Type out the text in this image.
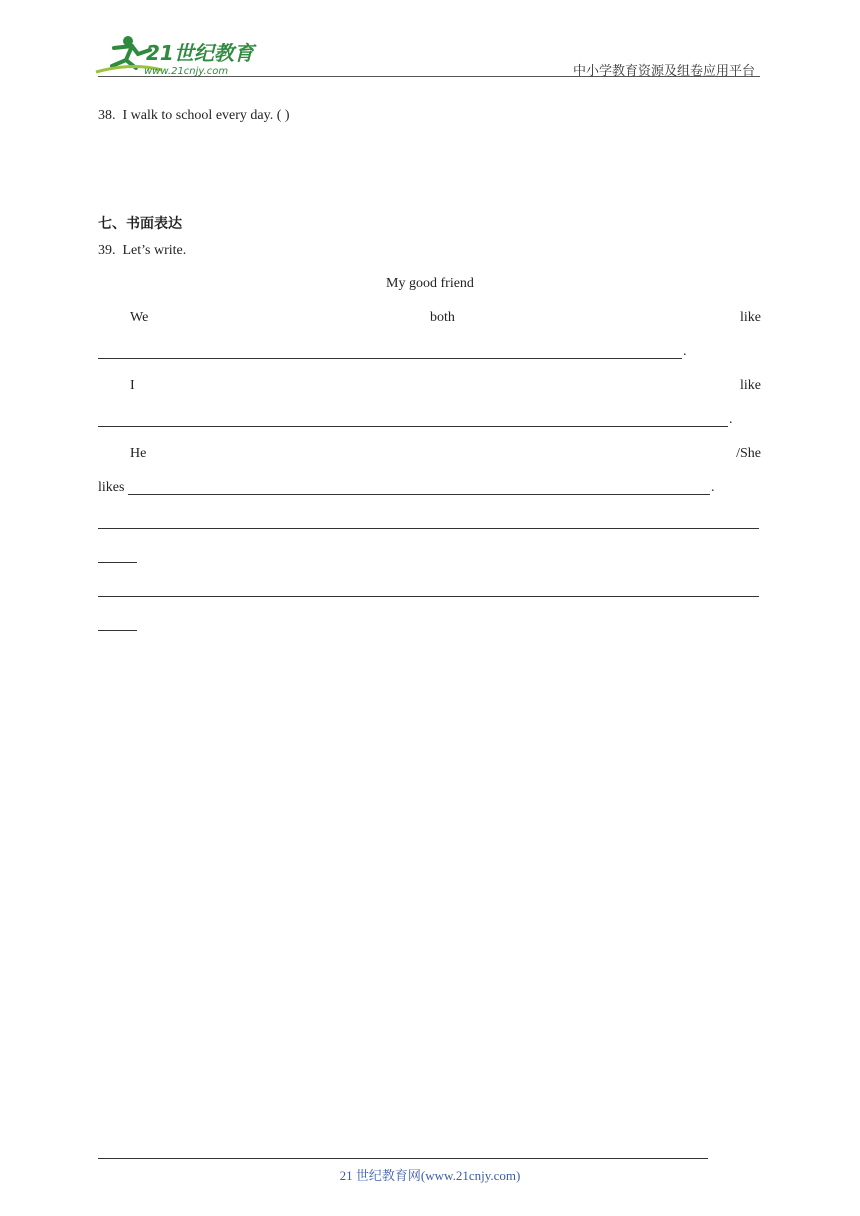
21世纪教育
www.21cnjy.com	中小学教育资源及组卷应用平台
38. I walk to school every day. ( )
七、书面表达
39. Let’s write.
My good friend
We	both	like
.
I	like
.
He	/She
likes	.
21 世纪教育网(www.21cnjy.com)
